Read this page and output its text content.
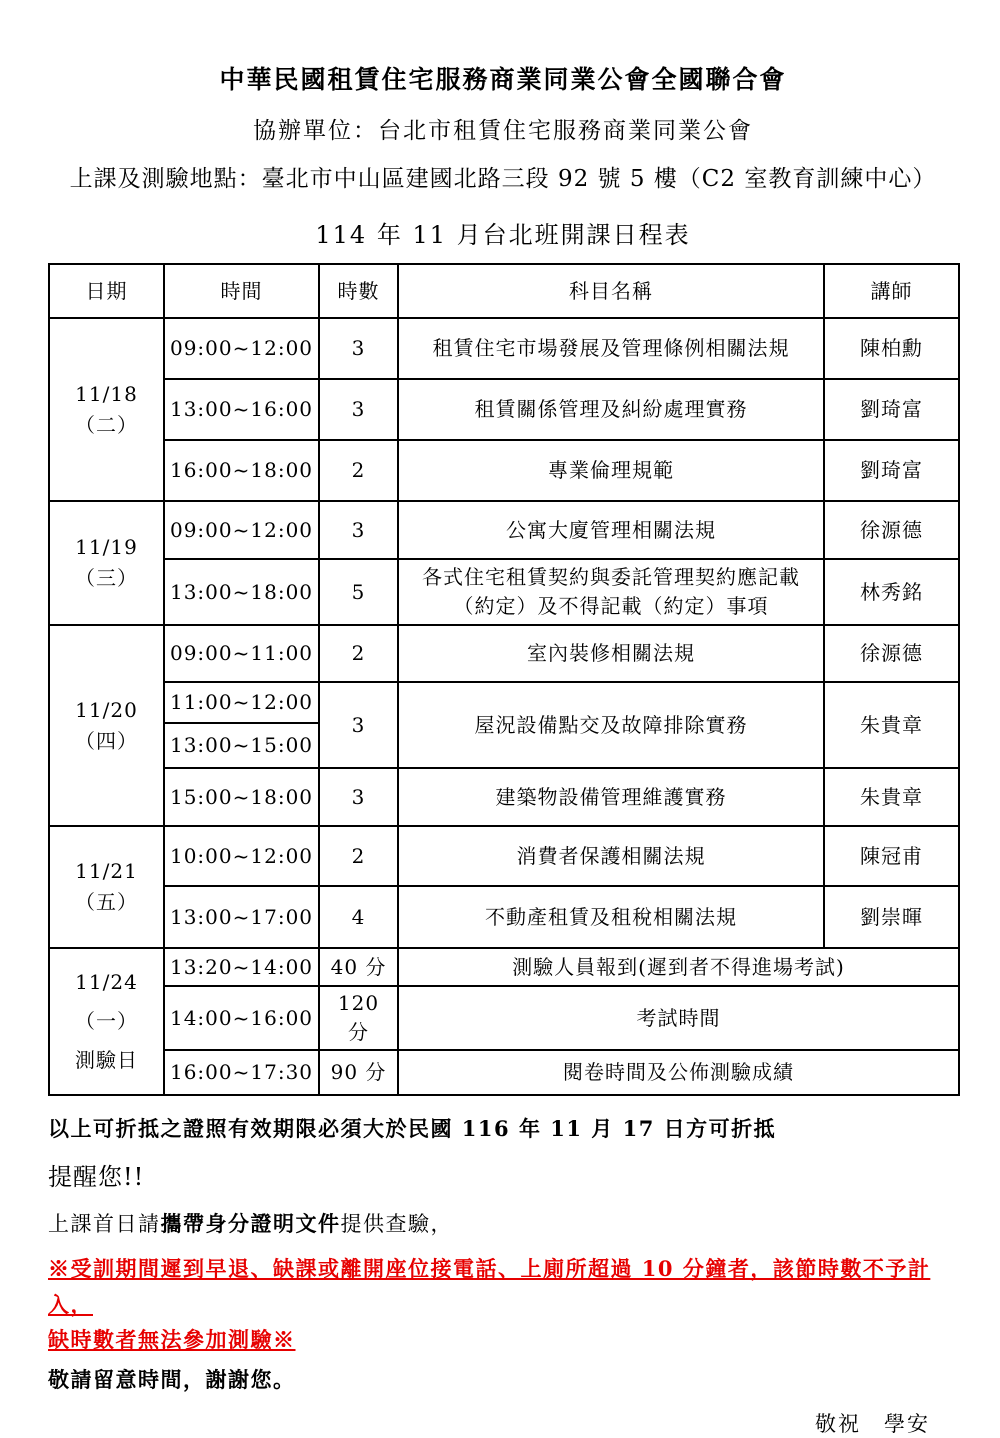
中華民國租賃住宅服務商業同業公會全國聯合會
協辦單位：台北市租賃住宅服務商業同業公會
上課及測驗地點：臺北市中山區建國北路三段 92 號 5 樓（C2 室教育訓練中心）
114 年 11 月台北班開課日程表
日期	時間	時數	科目名稱	講師

11/18
（二）	09:00~12:00	3	租賃住宅市場發展及管理條例相關法規	陳柏勳
	13:00~16:00	3	租賃關係管理及糾紛處理實務	劉琦富
	16:00~18:00	2	專業倫理規範	劉琦富

11/19
（三）	09:00~12:00	3	公寓大廈管理相關法規	徐源德
	13:00~18:00	5	各式住宅租賃契約與委託管理契約應記載（約定）及不得記載（約定）事項	林秀銘

11/20
（四）	09:00~11:00	2	室內裝修相關法規	徐源德
	11:00~12:00	3	屋況設備點交及故障排除實務	朱貴章
	13:00~15:00			
	15:00~18:00	3	建築物設備管理維護實務	朱貴章

11/21
（五）	10:00~12:00	2	消費者保護相關法規	陳冠甫
	13:00~17:00	4	不動產租賃及租稅相關法規	劉崇暉

11/24
（一）
測驗日	13:20~14:00	40 分	測驗人員報到(遲到者不得進場考試)	
	14:00~16:00	120 分	考試時間	
	16:00~17:30	90 分	閱卷時間及公佈測驗成績	

以上可折抵之證照有效期限必須大於民國 116 年 11 月 17 日方可折抵

提醒您!!

上課首日請攜帶身分證明文件提供查驗，

※受訓期間遲到早退、缺課或離開座位接電話、上廁所超過 10 分鐘者，該節時數不予計入，
缺時數者無法參加測驗※

敬請留意時間，謝謝您。

敬祝　學安
